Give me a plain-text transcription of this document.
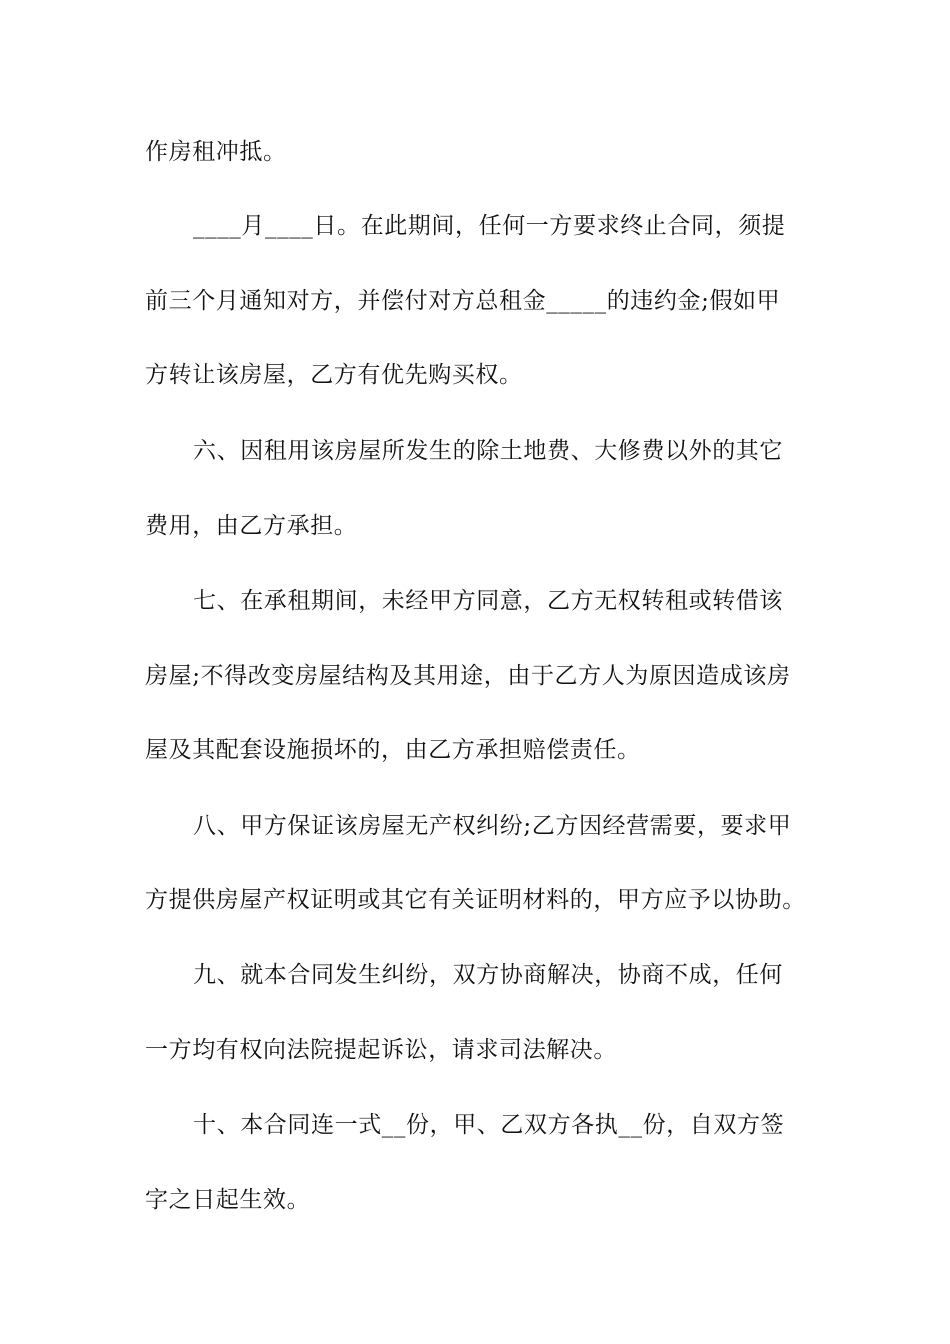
作房租冲抵。
____月____日。在此期间，任何一方要求终止合同，须提
前三个月通知对方，并偿付对方总租金_____的违约金;假如甲
方转让该房屋，乙方有优先购买权。
六、因租用该房屋所发生的除土地费、大修费以外的其它
费用，由乙方承担。
七、在承租期间，未经甲方同意，乙方无权转租或转借该
房屋;不得改变房屋结构及其用途，由于乙方人为原因造成该房
屋及其配套设施损坏的，由乙方承担赔偿责任。
八、甲方保证该房屋无产权纠纷;乙方因经营需要，要求甲
方提供房屋产权证明或其它有关证明材料的，甲方应予以协助。
九、就本合同发生纠纷，双方协商解决，协商不成，任何
一方均有权向法院提起诉讼，请求司法解决。
十、本合同连一式__份，甲、乙双方各执__份，自双方签
字之日起生效。
